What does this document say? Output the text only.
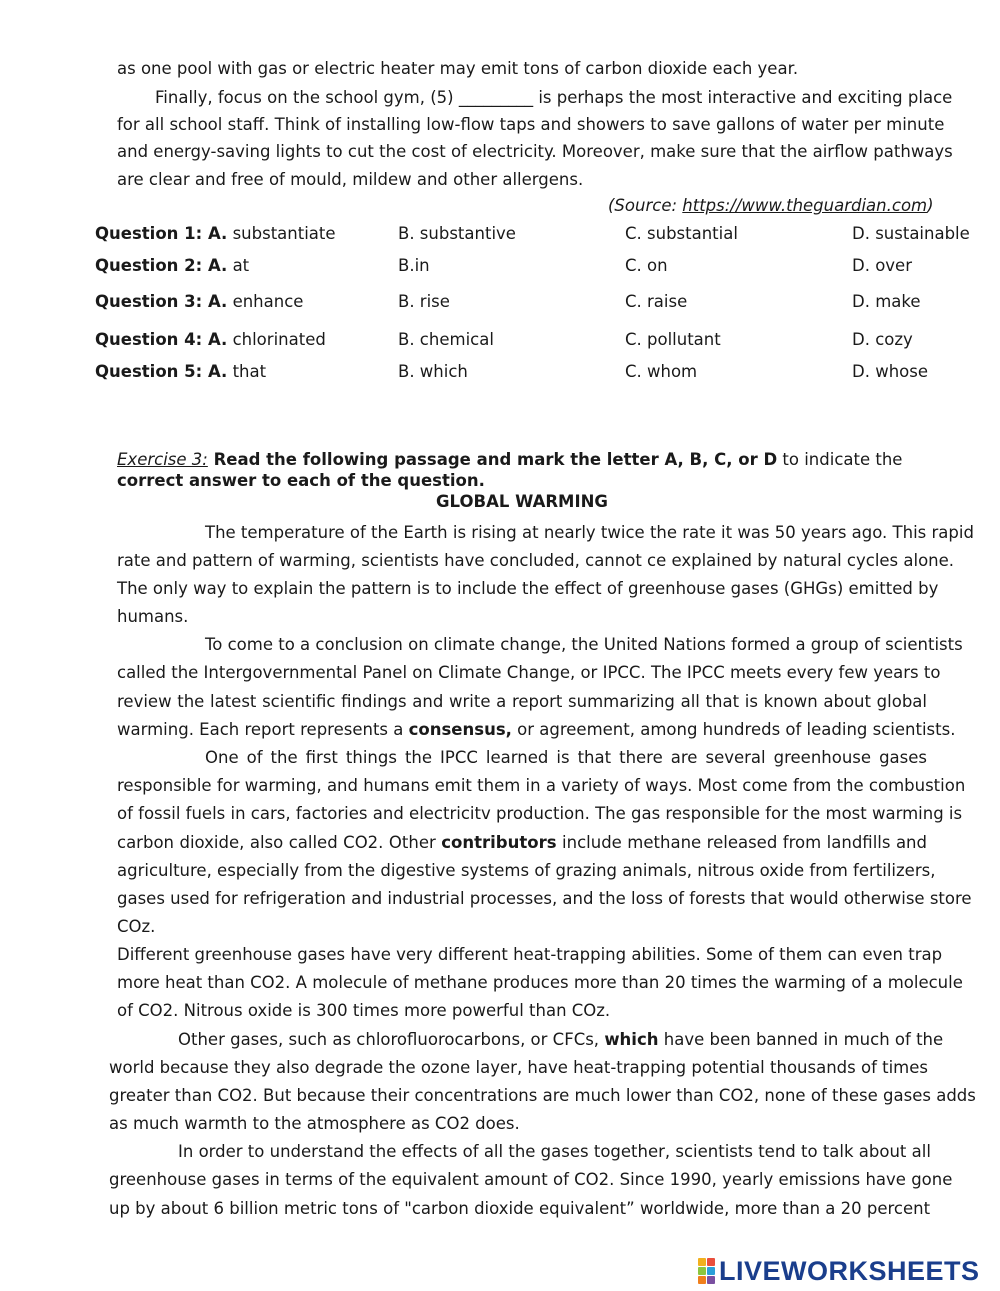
as one pool with gas or electric heater may emit tons of carbon dioxide each year.
Finally, focus on the school gym, (5) _________ is perhaps the most interactive and exciting place
for all school staff. Think of installing low-flow taps and showers to save gallons of water per minute
and energy-saving lights to cut the cost of electricity. Moreover, make sure that the airflow pathways
are clear and free of mould, mildew and other allergens.
(Source: https://www.theguardian.com)
Question 1: A. substantiate	B. substantive	C. substantial	D. sustainable
Question 2: A. at	B.in	C. on	D. over
Question 3: A. enhance	B. rise	C. raise	D. make
Question 4: A. chlorinated	B. chemical	C. pollutant	D. cozy
Question 5: A. that	B. which	C. whom	D. whose
Exercise 3: Read the following passage and mark the letter A, B, C, or D to indicate the
correct answer to each of the question.
GLOBAL WARMING
The temperature of the Earth is rising at nearly twice the rate it was 50 years ago. This rapid
rate and pattern of warming, scientists have concluded, cannot ce explained by natural cycles alone.
The only way to explain the pattern is to include the effect of greenhouse gases (GHGs) emitted by
humans.
To come to a conclusion on climate change, the United Nations formed a group of scientists
called the Intergovernmental Panel on Climate Change, or IPCC. The IPCC meets every few years to
review the latest scientific findings and write a report summarizing all that is known about global
warming. Each report represents a consensus, or agreement, among hundreds of leading scientists.
One of the first things the IPCC learned is that there are several greenhouse gases
responsible for warming, and humans emit them in a variety of ways. Most come from the combustion
of fossil fuels in cars, factories and electricitv production. The gas responsible for the most warming is
carbon dioxide, also called CO2. Other contributors include methane released from landfills and
agriculture, especially from the digestive systems of grazing animals, nitrous oxide from fertilizers,
gases used for refrigeration and industrial processes, and the loss of forests that would otherwise store
COz.
Different greenhouse gases have very different heat-trapping abilities. Some of them can even trap
more heat than CO2. A molecule of methane produces more than 20 times the warming of a molecule
of CO2. Nitrous oxide is 300 times more powerful than COz.
Other gases, such as chlorofluorocarbons, or CFCs, which have been banned in much of the
world because they also degrade the ozone layer, have heat-trapping potential thousands of times
greater than CO2. But because their concentrations are much lower than CO2, none of these gases adds
as much warmth to the atmosphere as CO2 does.
In order to understand the effects of all the gases together, scientists tend to talk about all
greenhouse gases in terms of the equivalent amount of CO2. Since 1990, yearly emissions have gone
up by about 6 billion metric tons of "carbon dioxide equivalent” worldwide, more than a 20 percent
LIVEWORKSHEETS
